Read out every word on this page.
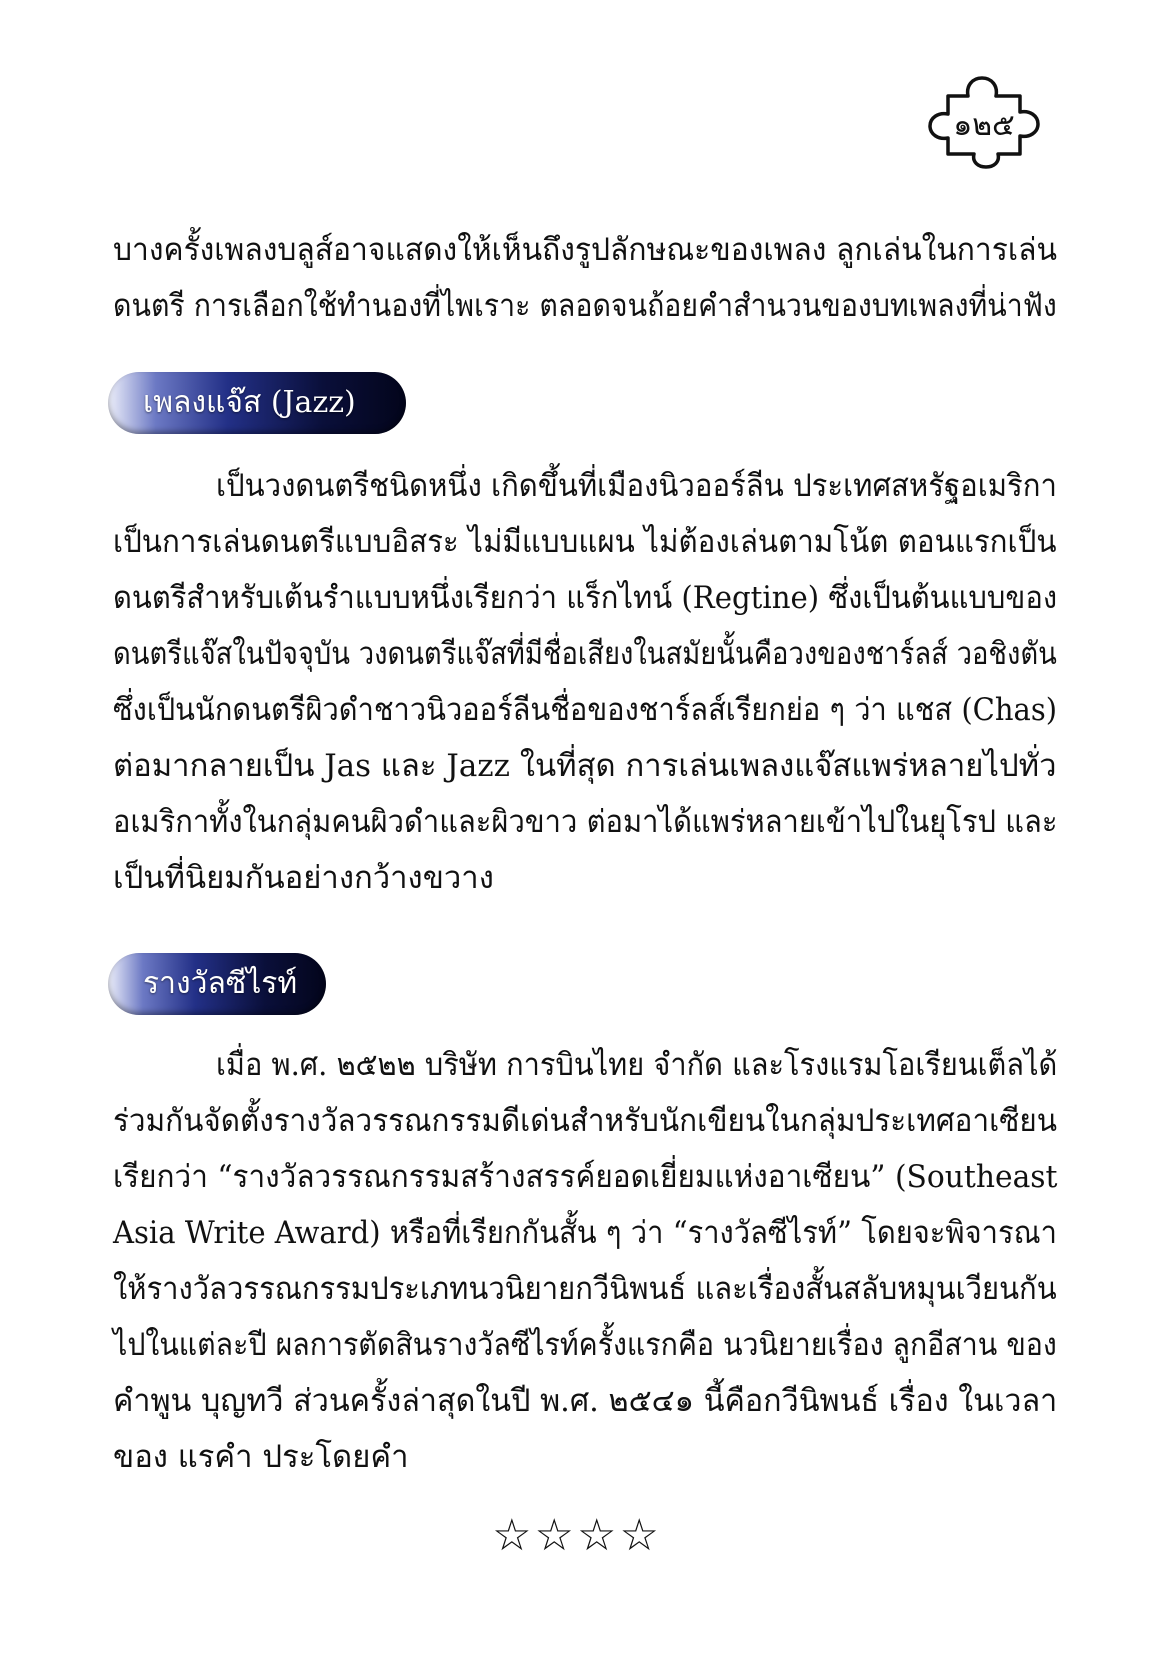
๑๒๕
บางครั้งเพลงบลูส์อาจแสดงให้เห็นถึงรูปลักษณะของเพลง ลูกเล่นในการเล่น
ดนตรี การเลือกใช้ทำนองที่ไพเราะ ตลอดจนถ้อยคำสำนวนของบทเพลงที่น่าฟัง
เพลงแจ๊ส (Jazz)
เป็นวงดนตรีชนิดหนึ่ง เกิดขึ้นที่เมืองนิวออร์ลีน ประเทศสหรัฐอเมริกา
เป็นการเล่นดนตรีแบบอิสระ ไม่มีแบบแผน ไม่ต้องเล่นตามโน้ต ตอนแรกเป็น
ดนตรีสำหรับเต้นรำแบบหนึ่งเรียกว่า แร็กไทน์ (Regtine) ซึ่งเป็นต้นแบบของ
ดนตรีแจ๊สในปัจจุบัน วงดนตรีแจ๊สที่มีชื่อเสียงในสมัยนั้นคือวงของชาร์ลส์ วอชิงตัน
ซึ่งเป็นนักดนตรีผิวดำชาวนิวออร์ลีนชื่อของชาร์ลส์เรียกย่อ ๆ ว่า แชส (Chas)
ต่อมากลายเป็น Jas และ Jazz ในที่สุด การเล่นเพลงแจ๊สแพร่หลายไปทั่ว
อเมริกาทั้งในกลุ่มคนผิวดำและผิวขาว ต่อมาได้แพร่หลายเข้าไปในยุโรป และ
เป็นที่นิยมกันอย่างกว้างขวาง
รางวัลซีไรท์
เมื่อ พ.ศ. ๒๕๒๒ บริษัท การบินไทย จำกัด และโรงแรมโอเรียนเต็ลได้
ร่วมกันจัดตั้งรางวัลวรรณกรรมดีเด่นสำหรับนักเขียนในกลุ่มประเทศอาเซียน
เรียกว่า “รางวัลวรรณกรรมสร้างสรรค์ยอดเยี่ยมแห่งอาเซียน” (Southeast
Asia Write Award) หรือที่เรียกกันสั้น ๆ ว่า “รางวัลซีไรท์” โดยจะพิจารณา
ให้รางวัลวรรณกรรมประเภทนวนิยายกวีนิพนธ์ และเรื่องสั้นสลับหมุนเวียนกัน
ไปในแต่ละปี ผลการตัดสินรางวัลซีไรท์ครั้งแรกคือ นวนิยายเรื่อง ลูกอีสาน ของ
คำพูน บุญทวี ส่วนครั้งล่าสุดในปี พ.ศ. ๒๕๔๑ นี้คือกวีนิพนธ์ เรื่อง ในเวลา
ของ แรคำ ประโดยคำ
☆☆☆☆
